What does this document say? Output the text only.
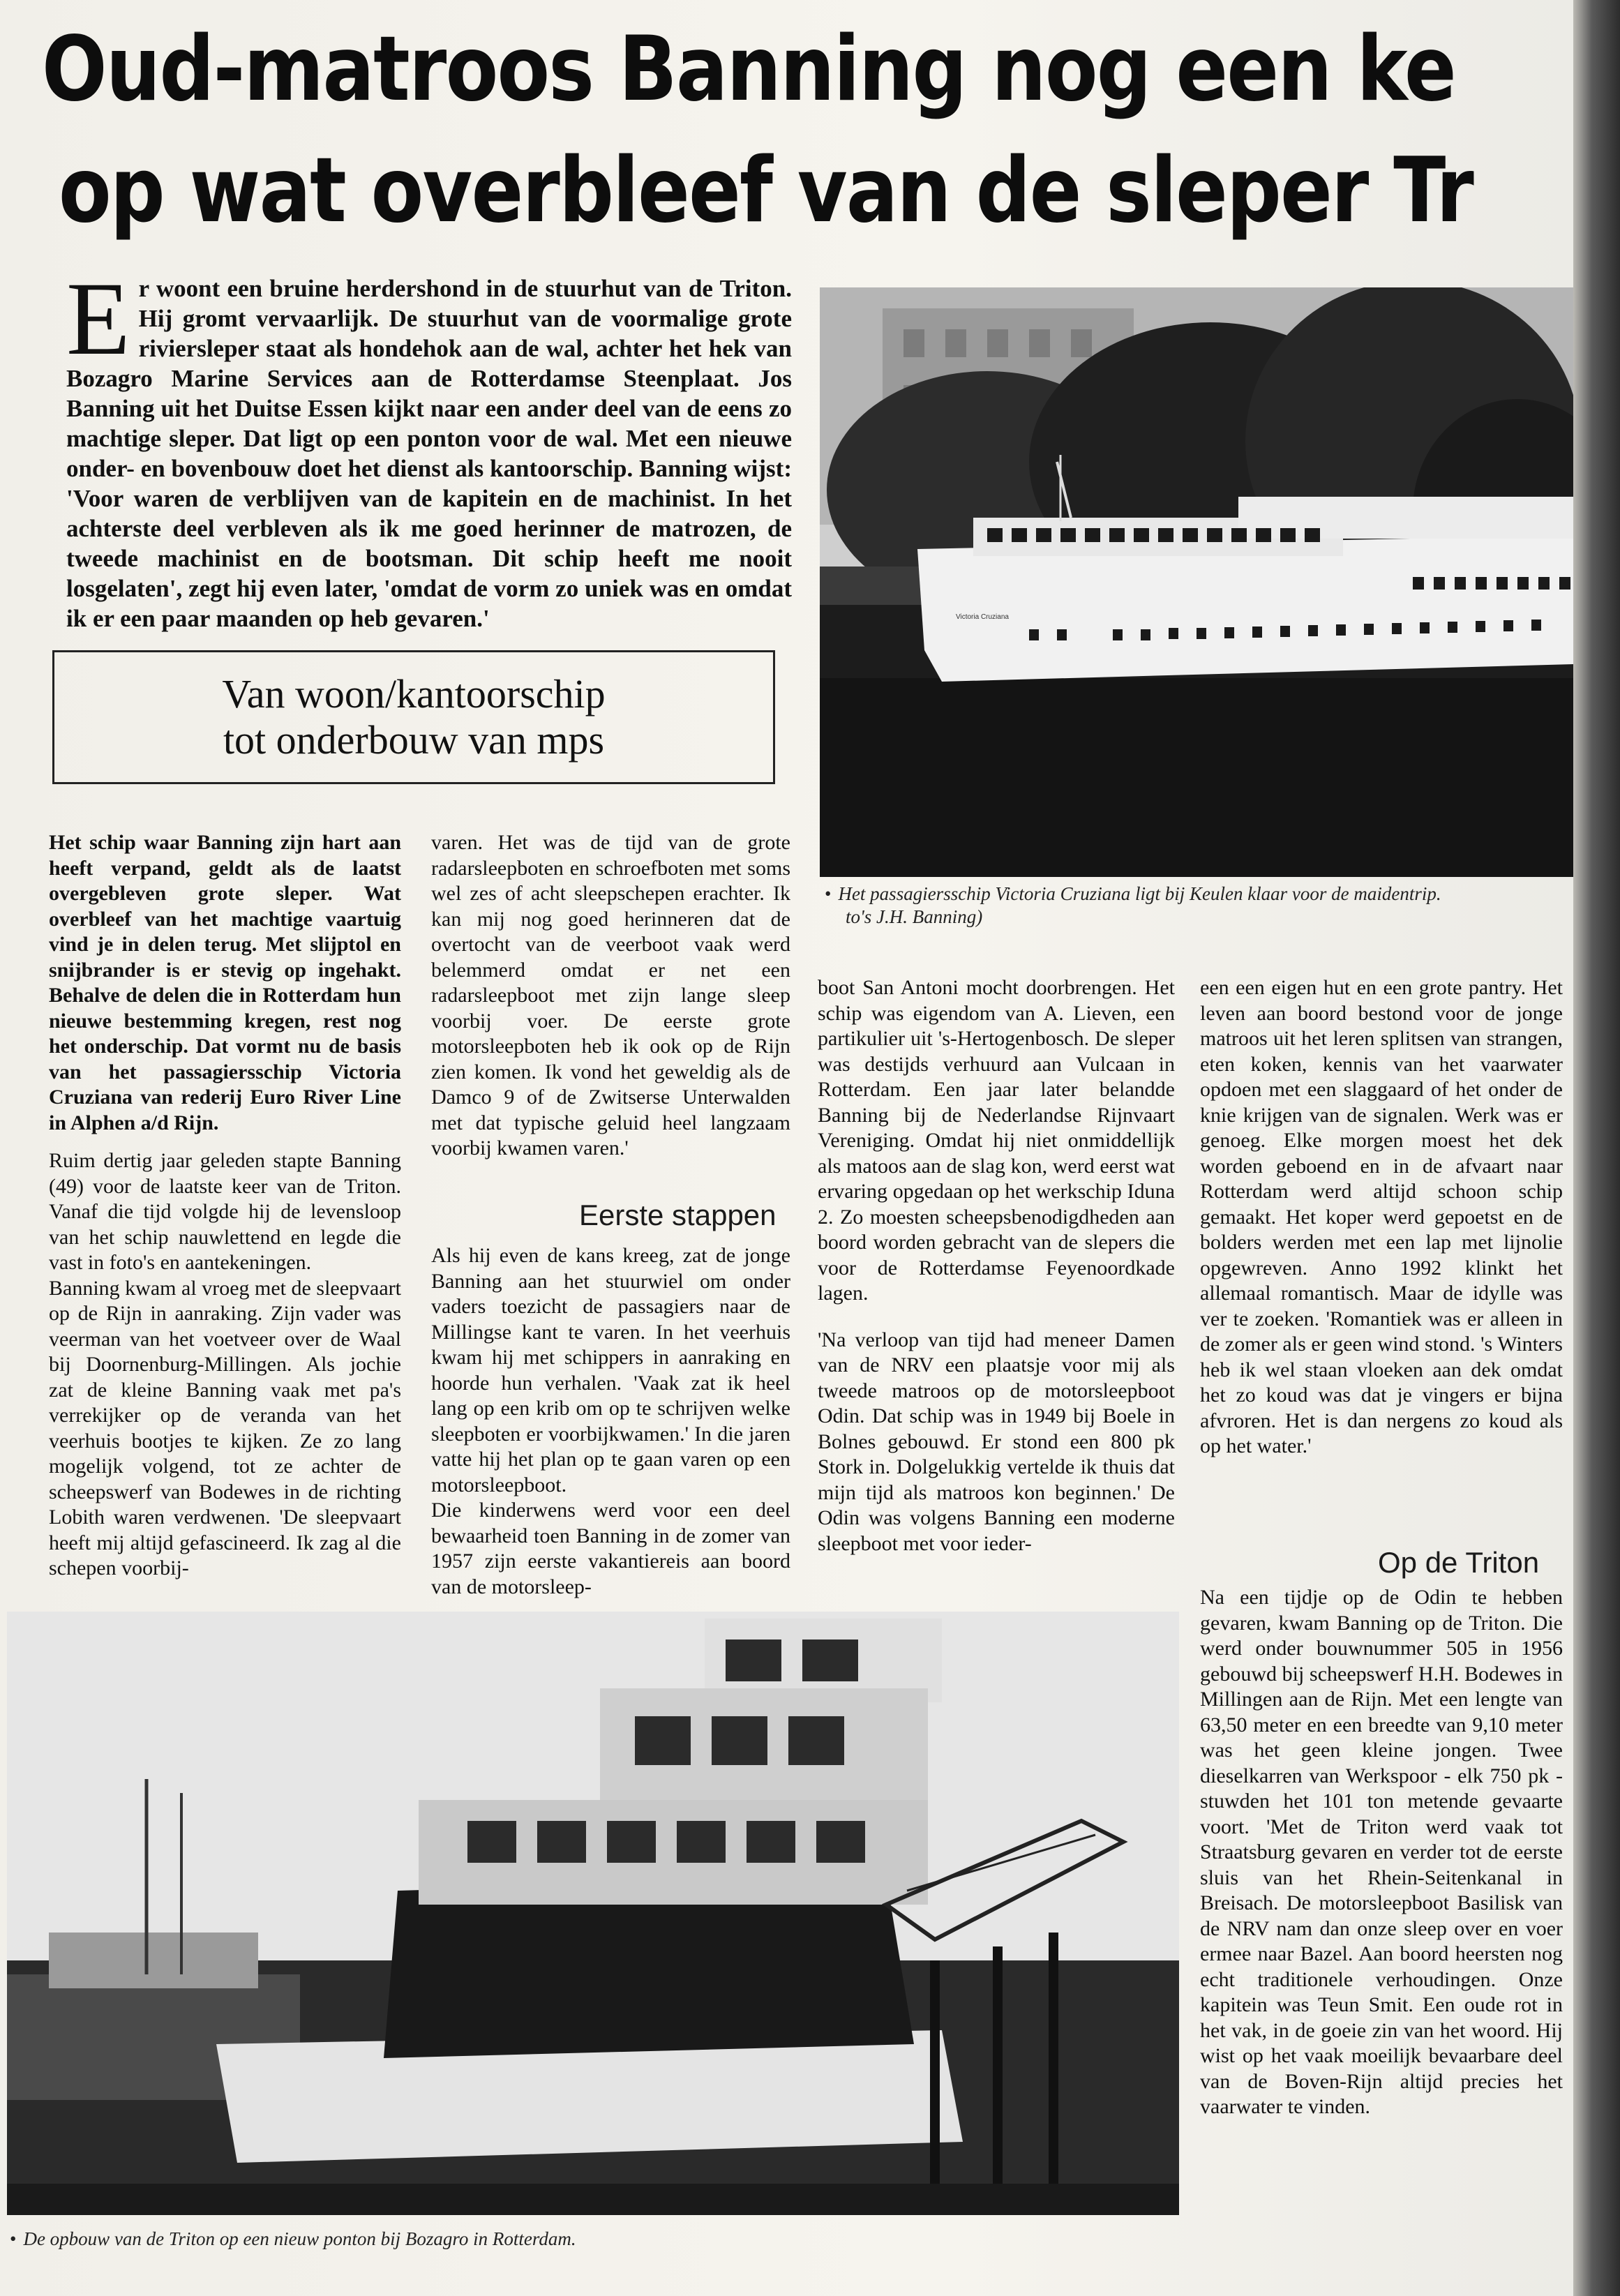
Oud-matroos Banning nog een ke
op wat overbleef van de sleper Tr
E r woont een bruine herdershond in de stuurhut van de Triton. Hij gromt vervaarlijk. De stuurhut van de voormalige grote riviersleper staat als hondehok aan de wal, achter het hek van Bozagro Marine Services aan de Rotterdamse Steenplaat. Jos Banning uit het Duitse Essen kijkt naar een ander deel van de eens zo machtige sleper. Dat ligt op een ponton voor de wal. Met een nieuwe onder- en bovenbouw doet het dienst als kantoorschip. Banning wijst: 'Voor waren de verblijven van de kapitein en de machinist. In het achterste deel verbleven als ik me goed herinner de matrozen, de tweede machinist en de bootsman. Dit schip heeft me nooit losgelaten', zegt hij even later, 'omdat de vorm zo uniek was en omdat ik er een paar maanden op heb gevaren.'	Victoria Cruziana
• Het passagiersschip Victoria Cruziana ligt bij Keulen klaar voor de maidentrip.
to's J.H. Banning)
Van woon/kantoorschip
tot onderbouw van mps

Het schip waar Banning zijn hart aan heeft verpand, geldt als de laatst overgebleven grote sleper. Wat overbleef van het machtige vaartuig vind je in delen terug. Met slijptol en snijbrander is er stevig op ingehakt. Behalve de delen die in Rotterdam hun nieuwe bestemming kregen, rest nog het onderschip. Dat vormt nu de basis van het passagiersschip Victoria Cruziana van rederij Euro River Line in Alphen a/d Rijn.

Ruim dertig jaar geleden stapte Banning (49) voor de laatste keer van de Triton. Vanaf die tijd volgde hij de levensloop van het schip nauwlettend en legde die vast in foto's en aantekeningen.

Banning kwam al vroeg met de sleepvaart op de Rijn in aanraking. Zijn vader was veerman van het voetveer over de Waal bij Doornenburg-Millingen. Als jochie zat de kleine Banning vaak met pa's verrekijker op de veranda van het veerhuis bootjes te kijken. Ze zo lang mogelijk volgend, tot ze achter de scheepswerf van Bodewes in de richting Lobith waren verdwenen. 'De sleepvaart heeft mij altijd gefascineerd. Ik zag al die schepen voorbij-

varen. Het was de tijd van de grote radarsleepboten en schroefboten met soms wel zes of acht sleepschepen erachter. Ik kan mij nog goed herinneren dat de overtocht van de veerboot vaak werd belemmerd omdat er net een radarsleepboot met zijn lange sleep voorbij voer. De eerste grote motorsleepboten heb ik ook op de Rijn zien komen. Ik vond het geweldig als de Damco 9 of de Zwitserse Unterwalden met dat typische geluid heel langzaam voorbij kwamen varen.'

Eerste stappen

Als hij even de kans kreeg, zat de jonge Banning aan het stuurwiel om onder vaders toezicht de passagiers naar de Millingse kant te varen. In het veerhuis kwam hij met schippers in aanraking en hoorde hun verhalen. 'Vaak zat ik heel lang op een krib om op te schrijven welke sleepboten er voorbijkwamen.' In die jaren vatte hij het plan op te gaan varen op een motorsleepboot.

Die kinderwens werd voor een deel bewaarheid toen Banning in de zomer van 1957 zijn eerste vakantiereis aan boord van de motorsleep-

boot San Antoni mocht doorbrengen. Het schip was eigendom van A. Lieven, een partikulier uit 's-Hertogenbosch. De sleper was destijds verhuurd aan Vulcaan in Rotterdam. Een jaar later belandde Banning bij de Nederlandse Rijnvaart Vereniging. Omdat hij niet onmiddellijk als matoos aan de slag kon, werd eerst wat ervaring opgedaan op het werkschip Iduna 2. Zo moesten scheepsbenodigdheden aan boord worden gebracht van de slepers die voor de Rotterdamse Feyenoordkade lagen.

'Na verloop van tijd had meneer Damen van de NRV een plaatsje voor mij als tweede matroos op de motorsleepboot Odin. Dat schip was in 1949 bij Boele in Bolnes gebouwd. Er stond een 800 pk Stork in. Dolgelukkig vertelde ik thuis dat mijn tijd als matroos kon beginnen.' De Odin was volgens Banning een moderne sleepboot met voor ieder-

een een eigen hut en een grote pantry. Het leven aan boord bestond voor de jonge matroos uit het leren splitsen van strangen, eten koken, kennis van het vaarwater opdoen met een slaggaard of het onder de knie krijgen van de signalen. Werk was er genoeg. Elke morgen moest het dek worden geboend en in de afvaart naar Rotterdam werd altijd schoon schip gemaakt. Het koper werd gepoetst en de bolders werden met een lap met lijnolie opgewreven. Anno 1992 klinkt het allemaal romantisch. Maar de idylle was ver te zoeken. 'Romantiek was er alleen in de zomer als er geen wind stond. 's Winters heb ik wel staan vloeken aan dek omdat het zo koud was dat je vingers er bijna afvroren. Het is dan nergens zo koud als op het water.'

Op de Triton

Na een tijdje op de Odin te hebben gevaren, kwam Banning op de Triton. Die werd onder bouwnummer 505 in 1956 gebouwd bij scheepswerf H.H. Bodewes in Millingen aan de Rijn. Met een lengte van 63,50 meter en een breedte van 9,10 meter was het geen kleine jongen. Twee dieselkarren van Werkspoor - elk 750 pk - stuwden het 101 ton metende gevaarte voort. 'Met de Triton werd vaak tot Straatsburg gevaren en verder tot de eerste sluis van het Rhein-Seitenkanal in Breisach. De motorsleepboot Basilisk van de NRV nam dan onze sleep over en voer ermee naar Bazel. Aan boord heersten nog echt traditionele verhoudingen. Onze kapitein was Teun Smit. Een oude rot in het vak, in de goeie zin van het woord. Hij wist op het vaak moeilijk bevaarbare deel van de Boven-Rijn altijd precies het vaarwater te vinden.

• De opbouw van de Triton op een nieuw ponton bij Bozagro in Rotterdam.
